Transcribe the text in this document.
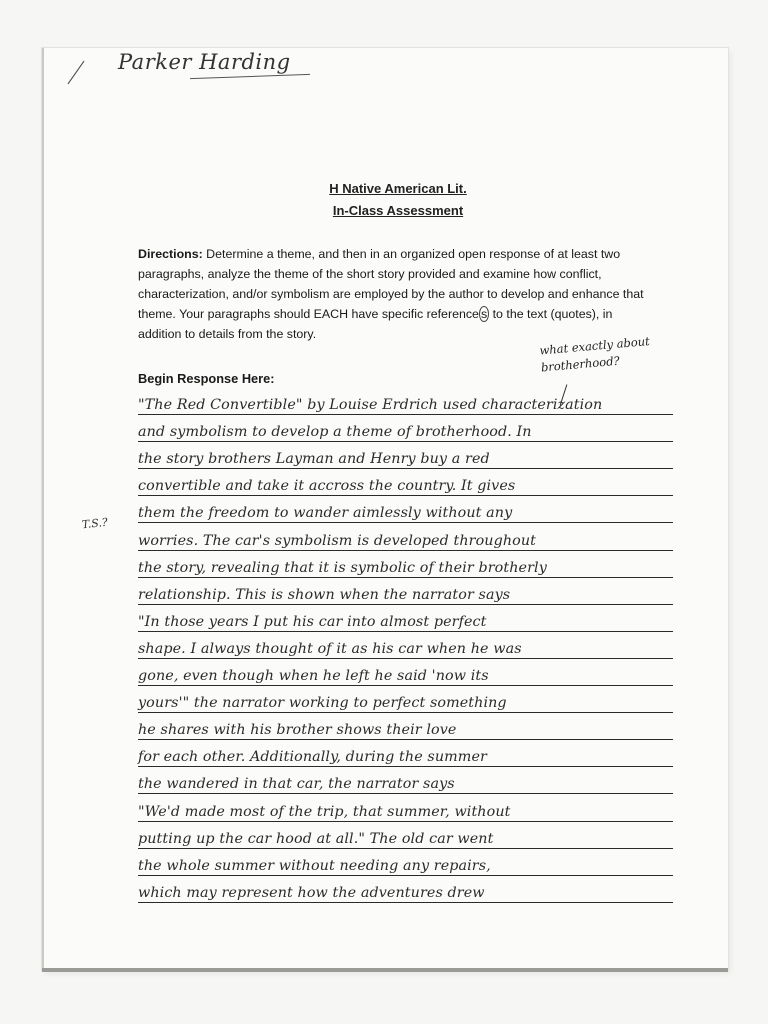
Parker Harding
H Native American Lit.
In-Class Assessment
Directions: Determine a theme, and then in an organized open response of at least two paragraphs, analyze the theme of the short story provided and examine how conflict, characterization, and/or symbolism are employed by the author to develop and enhance that theme. Your paragraphs should EACH have specific reference s to the text (quotes), in addition to details from the story.	what exactly about brotherhood?
Begin Response Here:
T.S.?
"The Red Convertible" by Louise Erdrich used characterization
and symbolism to develop a theme of brotherhood. In
the story brothers Layman and Henry buy a red
convertible and take it accross the country. It gives
them the freedom to wander aimlessly without any
worries. The car's symbolism is developed throughout
the story, revealing that it is symbolic of their brotherly
relationship. This is shown when the narrator says
"In those years I put his car into almost perfect
shape. I always thought of it as his car when he was
gone, even though when he left he said 'now its
yours'" the narrator working to perfect something
he shares with his brother shows their love
for each other. Additionally, during the summer
the wandered in that car, the narrator says
"We'd made most of the trip, that summer, without
putting up the car hood at all." The old car went
the whole summer without needing any repairs,
which may represent how the adventures drew
